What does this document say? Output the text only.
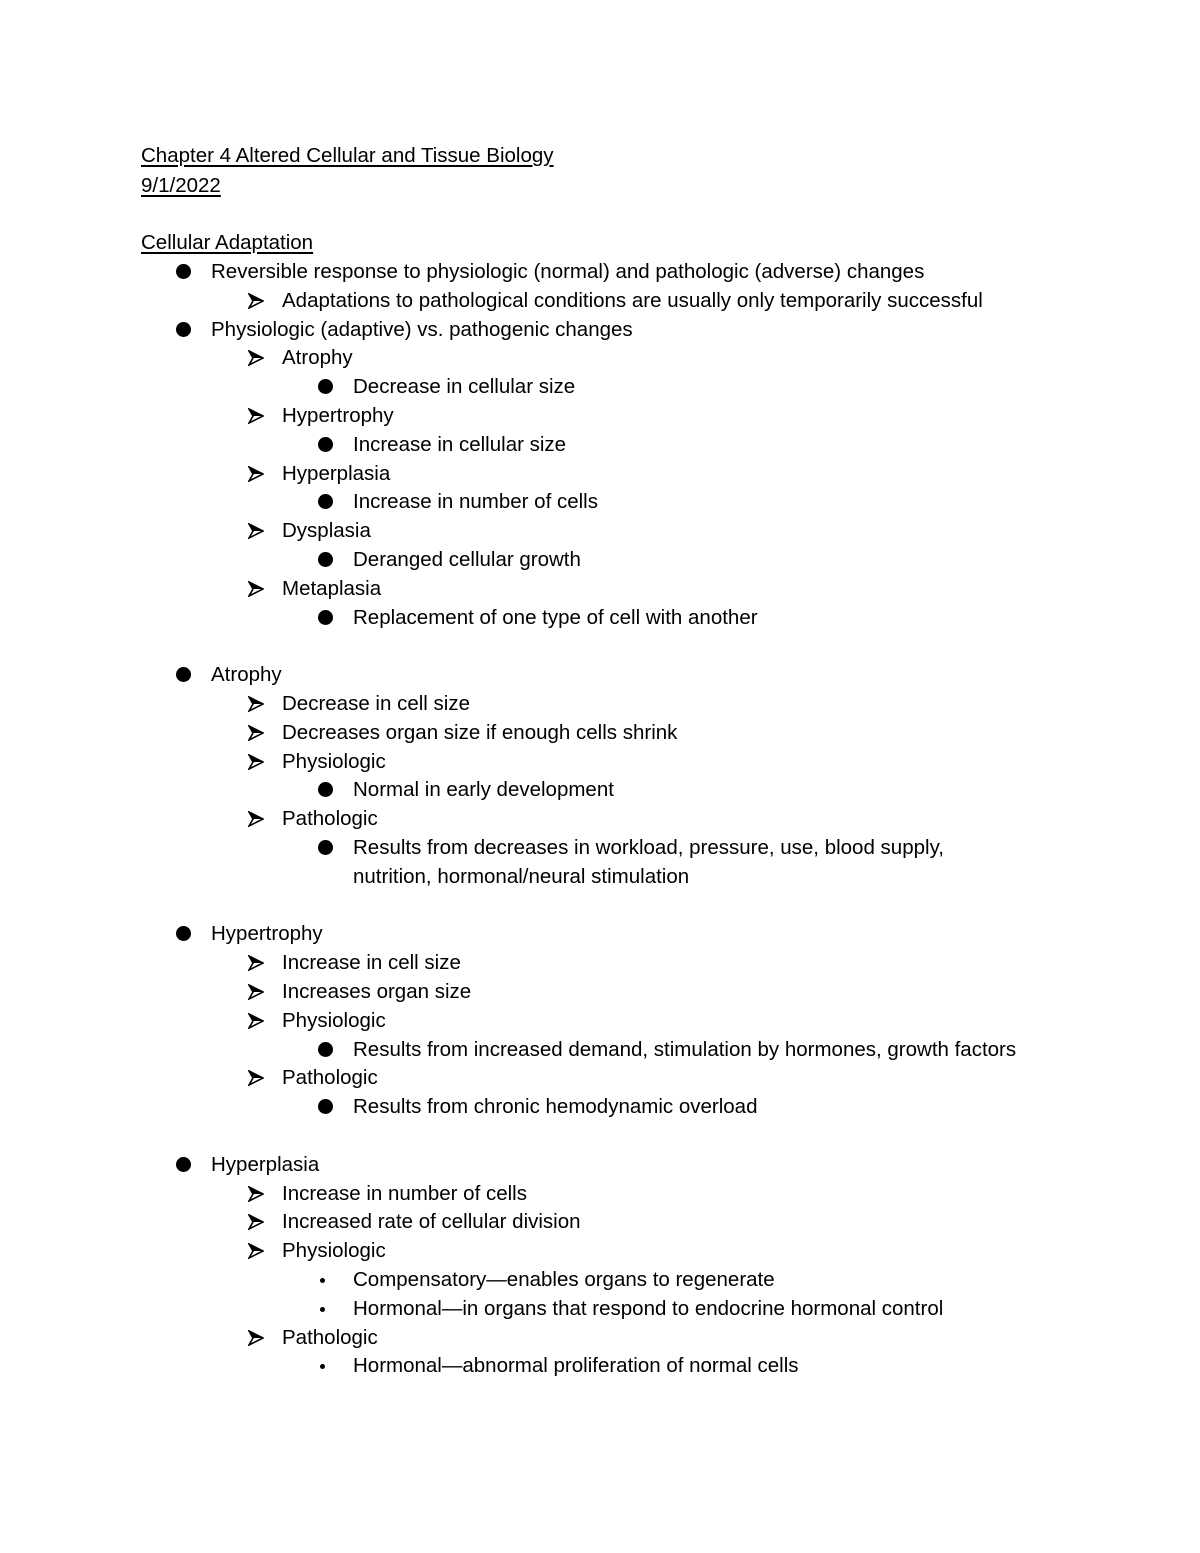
Chapter 4 Altered Cellular and Tissue Biology
9/1/2022
Cellular Adaptation
Reversible response to physiologic (normal) and pathologic (adverse) changes
Adaptations to pathological conditions are usually only temporarily successful
Physiologic (adaptive) vs. pathogenic changes
Atrophy
Decrease in cellular size
Hypertrophy
Increase in cellular size
Hyperplasia
Increase in number of cells
Dysplasia
Deranged cellular growth
Metaplasia
Replacement of one type of cell with another
Atrophy
Decrease in cell size
Decreases organ size if enough cells shrink
Physiologic
Normal in early development
Pathologic
Results from decreases in workload, pressure, use, blood supply,
nutrition, hormonal/neural stimulation
Hypertrophy
Increase in cell size
Increases organ size
Physiologic
Results from increased demand, stimulation by hormones, growth factors
Pathologic
Results from chronic hemodynamic overload
Hyperplasia
Increase in number of cells
Increased rate of cellular division
Physiologic
Compensatory—enables organs to regenerate
Hormonal—in organs that respond to endocrine hormonal control
Pathologic
Hormonal—abnormal proliferation of normal cells
